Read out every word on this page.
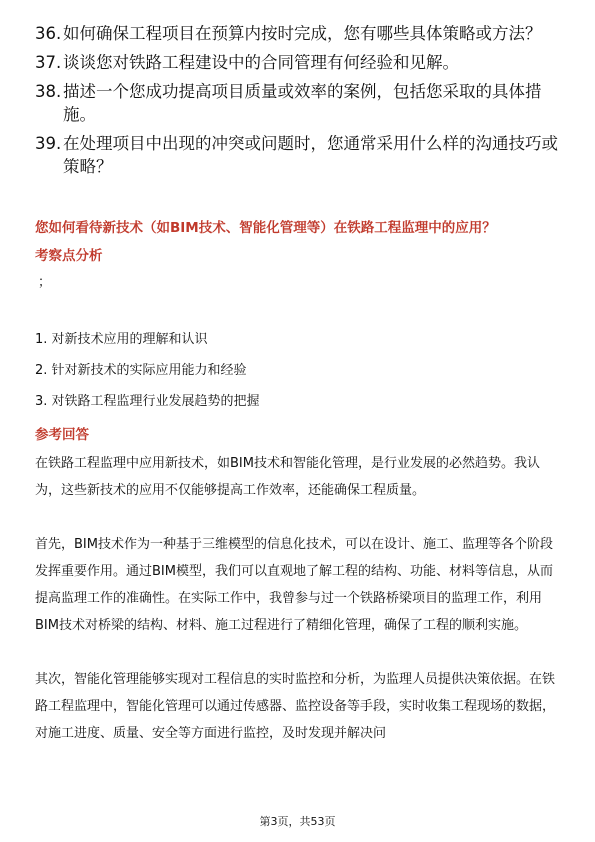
36. 如何确保工程项目在预算内按时完成，您有哪些具体策略或方法？
37. 谈谈您对铁路工程建设中的合同管理有何经验和见解。
38. 描述一个您成功提高项目质量或效率的案例，包括您采取的具体措施。
39. 在处理项目中出现的冲突或问题时，您通常采用什么样的沟通技巧或策略？
您如何看待新技术（如BIM技术、智能化管理等）在铁路工程监理中的应用？
考察点分析
；
1. 对新技术应用的理解和认识
2. 针对新技术的实际应用能力和经验
3. 对铁路工程监理行业发展趋势的把握
参考回答

在铁路工程监理中应用新技术，如BIM技术和智能化管理，是行业发展的必然趋势。我认为，这些新技术的应用不仅能够提高工作效率，还能确保工程质量。

首先，BIM技术作为一种基于三维模型的信息化技术，可以在设计、施工、监理等各个阶段发挥重要作用。通过BIM模型，我们可以直观地了解工程的结构、功能、材料等信息，从而提高监理工作的准确性。在实际工作中，我曾参与过一个铁路桥梁项目的监理工作，利用BIM技术对桥梁的结构、材料、施工过程进行了精细化管理，确保了工程的顺利实施。

其次，智能化管理能够实现对工程信息的实时监控和分析，为监理人员提供决策依据。在铁路工程监理中，智能化管理可以通过传感器、监控设备等手段，实时收集工程现场的数据，对施工进度、质量、安全等方面进行监控，及时发现并解决问

第3页，共53页
